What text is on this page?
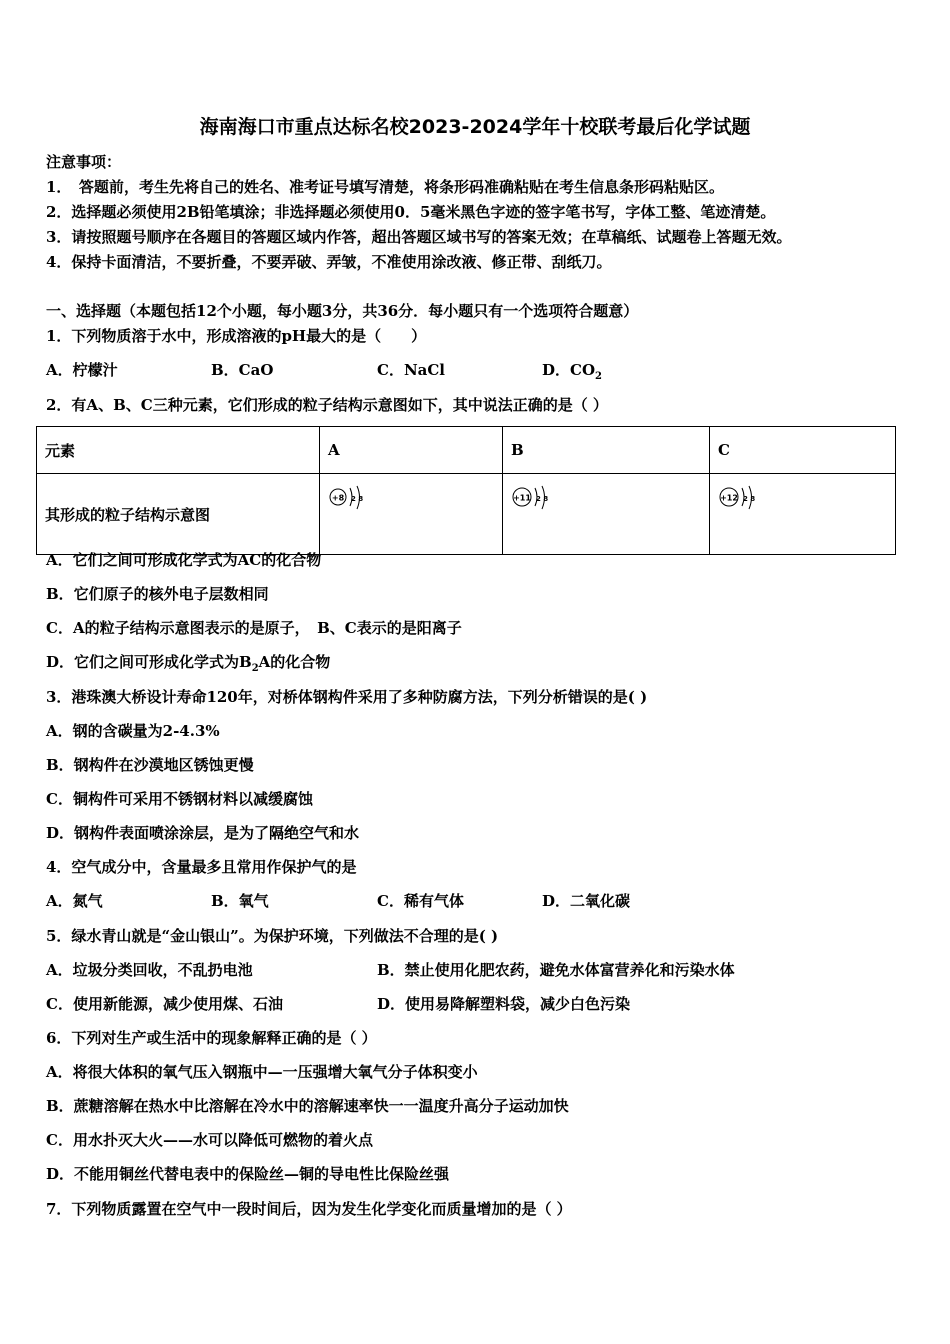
海南海口市重点达标名校2023-2024学年十校联考最后化学试题
注意事项：
1．　答题前，考生先将自己的姓名、准考证号填写清楚，将条形码准确粘贴在考生信息条形码粘贴区。
2．选择题必须使用2B铅笔填涂；非选择题必须使用0．5毫米黑色字迹的签字笔书写，字体工整、笔迹清楚。
3．请按照题号顺序在各题目的答题区域内作答，超出答题区域书写的答案无效；在草稿纸、试题卷上答题无效。
4．保持卡面清洁，不要折叠，不要弄破、弄皱，不准使用涂改液、修正带、刮纸刀。
一、选择题（本题包括12个小题，每小题3分，共36分．每小题只有一个选项符合题意）
1．下列物质溶于水中，形成溶液的pH最大的是（　　）
A．柠檬汁	B．CaO	C．NaCl	D．$CO_2$
2．有A、B、C三种元素，它们形成的粒子结构示意图如下，其中说法正确的是（ ）
元素	A	B	C
其形成的粒子结构示意图	+8 2 8	+11 2 8	+12 2 8
A．它们之间可形成化学式为AC的化合物
B．它们原子的核外电子层数相同
C．A的粒子结构示意图表示的是原子，　B、C表示的是阳离子
D．它们之间可形成化学式为$B_2A$的化合物
3．港珠澳大桥设计寿命120年，对桥体钢构件采用了多种防腐方法，下列分析错误的是( )
A．钢的含碳量为2-4.3%
B．钢构件在沙漠地区锈蚀更慢
C．铜构件可采用不锈钢材料以减缓腐蚀
D．钢构件表面喷涂涂层，是为了隔绝空气和水
4．空气成分中，含量最多且常用作保护气的是
A．氮气	B．氧气	C．稀有气体	D．二氧化碳
5．绿水青山就是“金山银山”。为保护环境，下列做法不合理的是( )
A．垃圾分类回收，不乱扔电池	B．禁止使用化肥农药，避免水体富营养化和污染水体
C．使用新能源，减少使用煤、石油	D．使用易降解塑料袋，减少白色污染
6．下列对生产或生活中的现象解释正确的是（ ）
A．将很大体积的氧气压入钢瓶中—一压强增大氧气分子体积变小
B．蔗糖溶解在热水中比溶解在冷水中的溶解速率快一一温度升高分子运动加快
C．用水扑灭大火——水可以降低可燃物的着火点
D．不能用铜丝代替电表中的保险丝—铜的导电性比保险丝强
7．下列物质露置在空气中一段时间后，因为发生化学变化而质量增加的是（ ）
